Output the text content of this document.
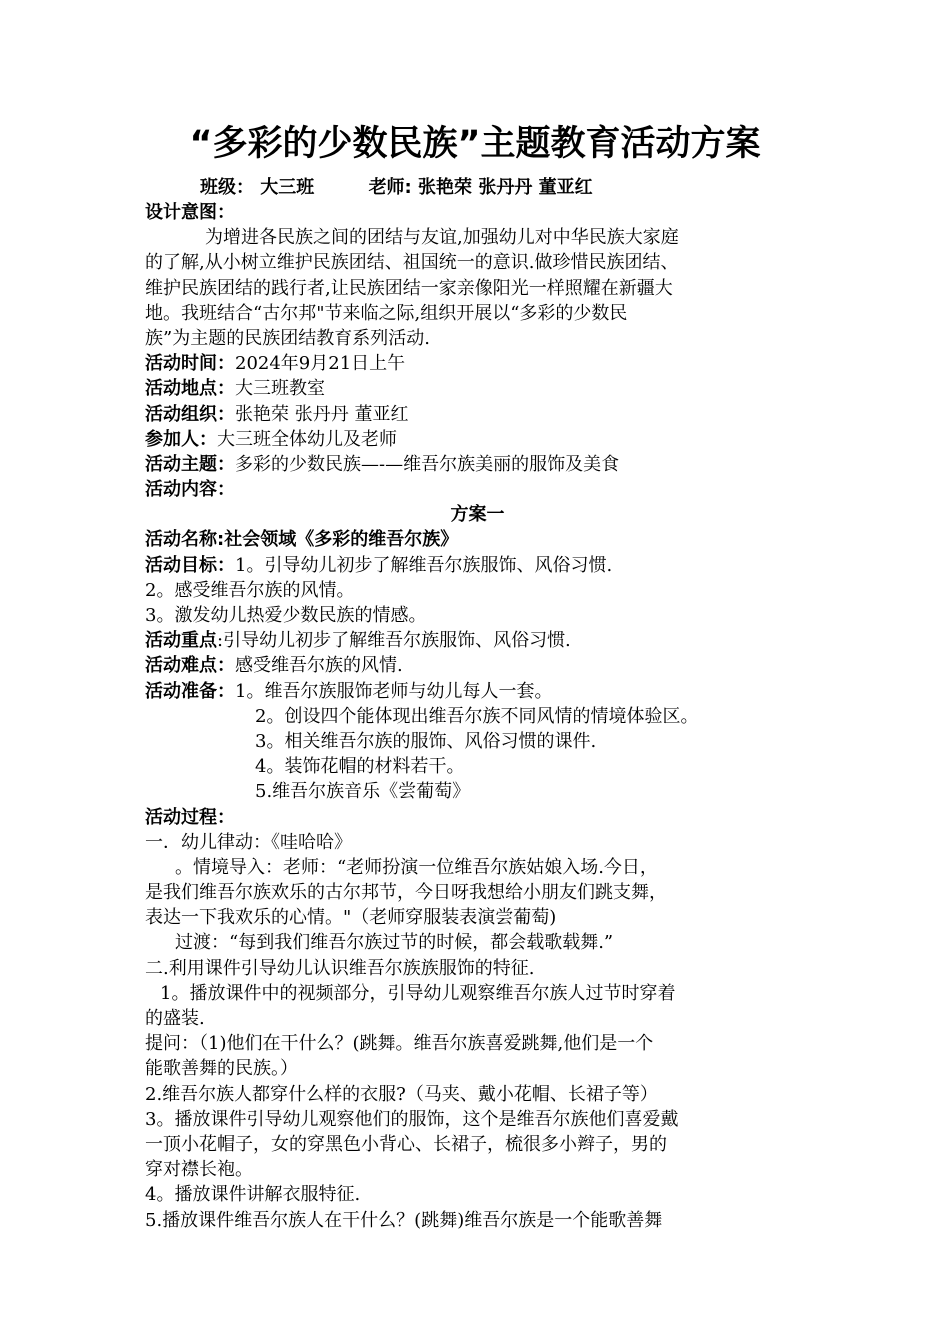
“多彩的少数民族”主题教育活动方案
班级： 大三班	老师: 张艳荣 张丹丹 董亚红
设计意图：
为增进各民族之间的团结与友谊,加强幼儿对中华民族大家庭
的了解,从小树立维护民族团结、祖国统一的意识.做珍惜民族团结、
维护民族团结的践行者,让民族团结一家亲像阳光一样照耀在新疆大
地。我班结合“古尔邦"节来临之际,组织开展以“多彩的少数民
族”为主题的民族团结教育系列活动.
活动时间：2024年9月21日上午
活动地点：大三班教室
活动组织：张艳荣 张丹丹 董亚红
参加人：大三班全体幼儿及老师
活动主题：多彩的少数民族—-—维吾尔族美丽的服饰及美食
活动内容：
方案一
活动名称:社会领域《多彩的维吾尔族》
活动目标：1。引导幼儿初步了解维吾尔族服饰、风俗习惯.
2。感受维吾尔族的风情。
3。激发幼儿热爱少数民族的情感。
活动重点:引导幼儿初步了解维吾尔族服饰、风俗习惯.
活动难点：感受维吾尔族的风情.
活动准备：1。维吾尔族服饰老师与幼儿每人一套。
2。创设四个能体现出维吾尔族不同风情的情境体验区。
3。相关维吾尔族的服饰、风俗习惯的课件.
4。装饰花帽的材料若干。
5.维吾尔族音乐《尝葡萄》
活动过程：
一．幼儿律动：《哇哈哈》
。情境导入：老师：“老师扮演一位维吾尔族姑娘入场.今日，
是我们维吾尔族欢乐的古尔邦节，今日呀我想给小朋友们跳支舞，
表达一下我欢乐的心情。"（老师穿服装表演尝葡萄)
过渡：“每到我们维吾尔族过节的时候，都会载歌载舞.”
二.利用课件引导幼儿认识维吾尔族族服饰的特征.
1。播放课件中的视频部分，引导幼儿观察维吾尔族人过节时穿着
的盛装.
提问：（1)他们在干什么？(跳舞。维吾尔族喜爱跳舞,他们是一个
能歌善舞的民族。）
2.维吾尔族人都穿什么样的衣服?（马夹、戴小花帽、长裙子等）
3。播放课件引导幼儿观察他们的服饰，这个是维吾尔族他们喜爱戴
一顶小花帽子，女的穿黑色小背心、长裙子，梳很多小辫子，男的
穿对襟长袍。
4。播放课件讲解衣服特征.
5.播放课件维吾尔族人在干什么？(跳舞)维吾尔族是一个能歌善舞
